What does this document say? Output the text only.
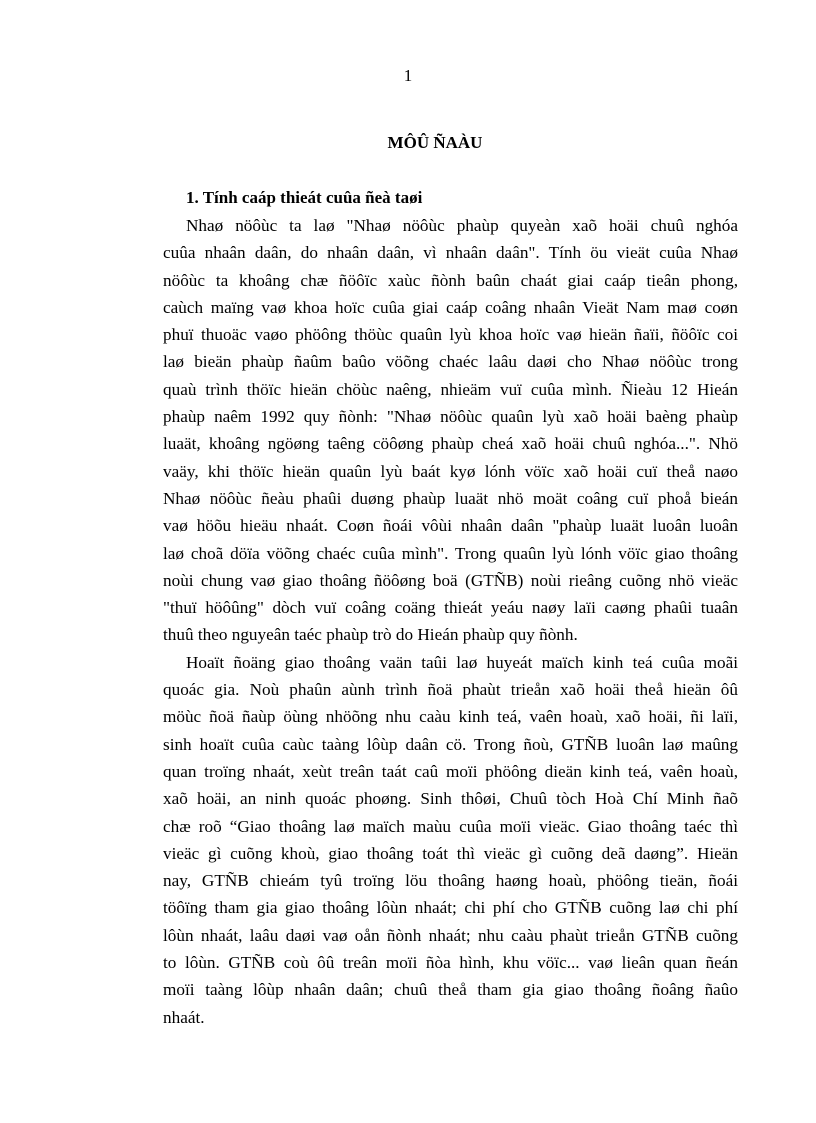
1
MÔÛ ÑAÀU
1. Tính caáp thieát cuûa ñeà taøi
Nhaø nöôùc ta laø "Nhaø nöôùc phaùp quyeàn xaõ hoäi chuû nghóa
cuûa nhaân daân, do nhaân daân, vì nhaân daân". Tính öu vieät cuûa Nhaø
nöôùc ta khoâng chæ ñöôïc xaùc ñònh baûn chaát giai caáp tieân phong,
caùch maïng vaø khoa hoïc cuûa giai caáp coâng nhaân Vieät Nam maø coøn
phuï thuoäc vaøo phöông thöùc quaûn lyù khoa hoïc vaø hieän ñaïi, ñöôïc coi
laø bieän phaùp ñaûm baûo vöõng chaéc laâu daøi cho Nhaø nöôùc trong
quaù trình thöïc hieän chöùc naêng, nhieäm vuï cuûa mình. Ñieàu 12 Hieán
phaùp naêm 1992 quy ñònh: "Nhaø nöôùc quaûn lyù xaõ hoäi baèng phaùp
luaät, khoâng ngöøng taêng cöôøng phaùp cheá xaõ hoäi chuû nghóa...". Nhö
vaäy, khi thöïc hieän quaûn lyù baát kyø lónh vöïc xaõ hoäi cuï theå naøo
Nhaø nöôùc ñeàu phaûi duøng phaùp luaät nhö moät coâng cuï phoå bieán
vaø höõu hieäu nhaát. Coøn ñoái vôùi nhaân daân "phaùp luaät luoân luoân
laø choã döïa vöõng chaéc cuûa mình". Trong quaûn lyù lónh vöïc giao thoâng
noùi chung vaø giao thoâng ñöôøng boä (GTÑB) noùi rieâng cuõng nhö vieäc
"thuï höôûng" dòch vuï coâng coäng thieát yeáu naøy laïi caøng phaûi tuaân
thuû theo nguyeân taéc phaùp trò do Hieán phaùp quy ñònh.
Hoaït ñoäng giao thoâng vaän taûi laø huyeát maïch kinh teá cuûa moãi
quoác gia. Noù phaûn aùnh trình ñoä phaùt trieån xaõ hoäi theå hieän ôû
möùc ñoä ñaùp öùng nhöõng nhu caàu kinh teá, vaên hoaù, xaõ hoäi, ñi laïi,
sinh hoaït cuûa caùc taàng lôùp daân cö. Trong ñoù, GTÑB luoân laø maûng
quan troïng nhaát, xeùt treân taát caû moïi phöông dieän kinh teá, vaên hoaù,
xaõ hoäi, an ninh quoác phoøng. Sinh thôøi, Chuû tòch Hoà Chí Minh ñaõ
chæ roõ “Giao thoâng laø maïch maùu cuûa moïi vieäc. Giao thoâng taéc thì
vieäc gì cuõng khoù, giao thoâng toát thì vieäc gì cuõng deã daøng”. Hieän
nay, GTÑB chieám tyû troïng löu thoâng haøng hoaù, phöông tieän, ñoái
töôïng tham gia giao thoâng lôùn nhaát; chi phí cho GTÑB cuõng laø chi phí
lôùn nhaát, laâu daøi vaø oån ñònh nhaát; nhu caàu phaùt trieån GTÑB cuõng
to lôùn. GTÑB coù ôû treân moïi ñòa hình, khu vöïc... vaø lieân quan ñeán
moïi taàng lôùp nhaân daân; chuû theå tham gia giao thoâng ñoâng ñaûo
nhaát.
